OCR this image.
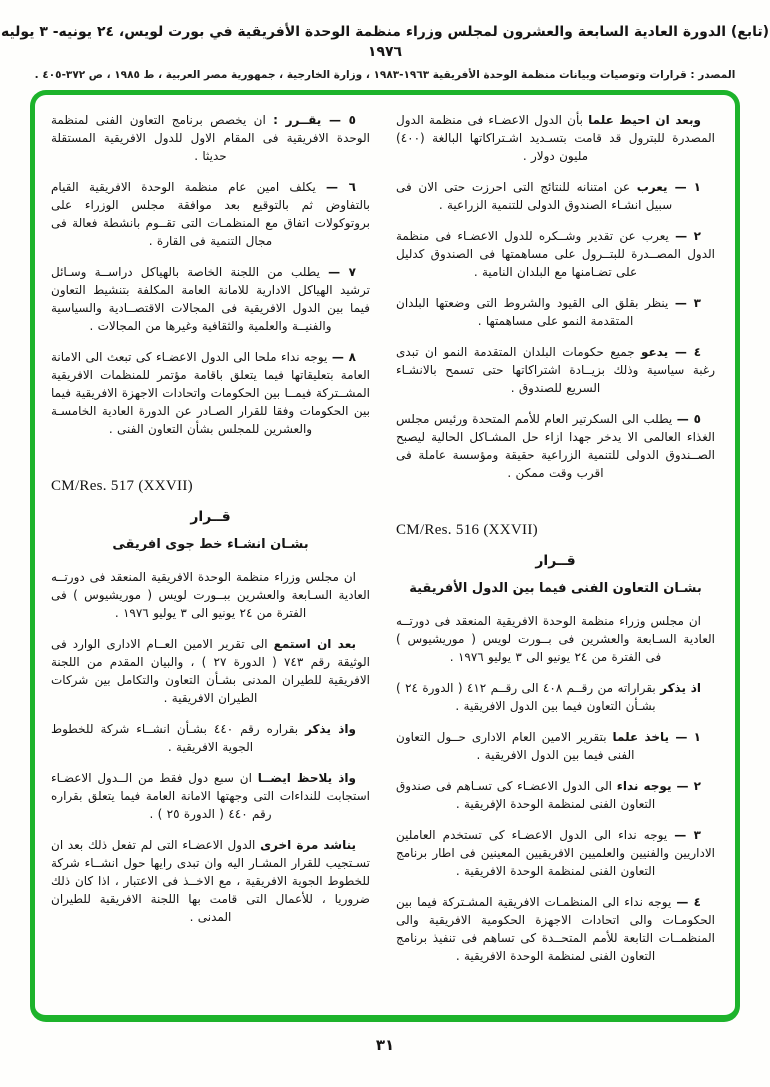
(تابع) الدورة العادية السابعة والعشرون لمجلس وزراء منظمة الوحدة الأفريقية في بورت لويس، ٢٤ يونيه- ٣ يوليه ١٩٧٦
المصدر : قرارات وتوصيات وبيانات منظمة الوحدة الأفريقية ١٩٦٣-١٩٨٣ ، وزارة الخارجية ، جمهورية مصر العربية ، ط ١٩٨٥ ، ص ٣٧٢-٤٠٥ .

وبعد ان احيط علما بأن الدول الاعضـاء فى منظمة الدول المصدرة للبترول قد قامت بتسـديد اشـتراكاتها البالغة (٤٠٠) مليون دولار .

١ — يعرب عن امتنانه للنتائج التى احرزت حتى الان فى سبيل انشـاء الصندوق الدولى للتنمية الزراعية .

٢ — يعرب عن تقدير وشــكره للدول الاعضـاء فى منظمة الدول المصــدرة للبتــرول على مساهمتها فى الصندوق كدليل على تضـامنها مع البلدان النامية .

٣ — ينظر بقلق الى القيود والشروط التى وضعتها البلدان المتقدمة النمو على مساهمتها .

٤ — يدعو جميع حكومات البلدان المتقدمة النمو ان تبدى رغبة سياسية وذلك بزيــادة اشتراكاتها حتى تسمح بالانشـاء السريع للصندوق .

٥ — يطلب الى السكرتير العام للأمم المتحدة ورئيس مجلس الغذاء العالمى الا يدخر جهدا ازاء حل المشـاكل الحالية ليصبح الصــندوق الدولى للتنمية الزراعية حقيقة ومؤسسة عاملة فى اقرب وقت ممكن .

CM/Res. 516 (XXVII)
قــرار
بشـان التعاون الفنى فيما بين الدول الأفريقية

ان مجلس وزراء منظمة الوحدة الافريقية المنعقد فى دورتــه العادية السـابعة والعشرين فى بــورت لويس ( موريشيوس ) فى الفترة من ٢٤ يونيو الى ٣ يوليو ١٩٧٦ .

اذ يذكر بقراراته من رقــم ٤٠٨ الى رقــم ٤١٢ ( الدورة ٢٤ ) بشـأن التعاون فيما بين الدول الافريقية .

١ — ياخذ علما بتقرير الامين العام الادارى حــول التعاون الفنى فيما بين الدول الافريقية .

٢ — يوجه نداء الى الدول الاعضـاء كى تسـاهم فى صندوق التعاون الفنى لمنظمة الوحدة الإفريقية .

٣ — يوجه نداء الى الدول الاعضـاء كى تستخدم العاملين الاداريين والفنيين والعلميين الافريقيين المعينين فى اطار برنامج التعاون الفنى لمنظمة الوحدة الافريقية .

٤ — يوجه نداء الى المنظمـات الافريقية المشـتركة فيما بين الحكومـات والى اتحادات الاجهزة الحكومية الافريقية والى المنظمــات التابعة للأمم المتحــدة كى تساهم فى تنفيذ برنامج التعاون الفنى لمنظمة الوحدة الافريقية .

٥ — يقــرر : ان يخصص برنامج التعاون الفنى لمنظمة الوحدة الافريقية فى المقام الاول للدول الافريقية المستقلة حديثا .

٦ — يكلف امين عام منظمة الوحدة الافريقية القيام بالتفاوض ثم بالتوقيع بعد موافقة مجلس الوزراء على بروتوكولات اتفاق مع المنظمـات التى تقــوم بانشطة فعالة فى مجال التنمية فى القارة .

٧ — يطلب من اللجنة الخاصة بالهياكل دراســة وسـائل ترشيد الهياكل الادارية للامانة العامة المكلفة بتنشيط التعاون فيما بين الدول الافريقية فى المجالات الاقتصــادية والسياسية والفنيــة والعلمية والثقافية وغيرها من المجالات .

٨ — يوجه نداء ملحا الى الدول الاعضـاء كى تبعث الى الامانة العامة بتعليقاتها فيما يتعلق باقامة مؤتمر للمنظمات الافريقية المشــتركة فيمــا بين الحكومات واتحادات الاجهزة الافريقية فيما بين الحكومات وفقا للقرار الصـادر عن الدورة العادية الخامسـة والعشرين للمجلس بشأن التعاون الفنى .

CM/Res. 517 (XXVII)
قــرار
بشـان انشـاء خط جوى افريقى

ان مجلس وزراء منظمة الوحدة الافريقية المنعقد فى دورتــه العادية السـابعة والعشرين ببــورت لويس ( موريشيوس ) فى الفترة من ٢٤ يونيو الى ٣ يوليو ١٩٧٦ .

بعد ان استمع الى تقرير الامين العــام الادارى الوارد فى الوثيقة رقم ٧٤٣ ( الدورة ٢٧ ) ، والبيان المقدم من اللجنة الافريقية للطيران المدنى بشـأن التعاون والتكامل بين شركات الطيران الافريقية .

واذ يذكر بقراره رقم ٤٤٠ بشـأن انشــاء شركة للخطوط الجوية الافريقية .

واذ يلاحظ ايضــا ان سبع دول فقط من الــدول الاعضـاء استجابت للنداءات التى وجهتها الامانة العامة فيما يتعلق بقراره رقم ٤٤٠ ( الدورة ٢٥ ) .

يناشد مرة اخرى الدول الاعضـاء التى لم تفعل ذلك بعد ان تسـتجيب للقرار المشـار اليه وان تبدى رايها حول انشــاء شركة للخطوط الجوية الافريقية ، مع الاخــذ فى الاعتبار ، اذا كان ذلك ضروريا ، للأعمال التى قامت بها اللجنة الافريقية للطيران المدنى .

٣١
